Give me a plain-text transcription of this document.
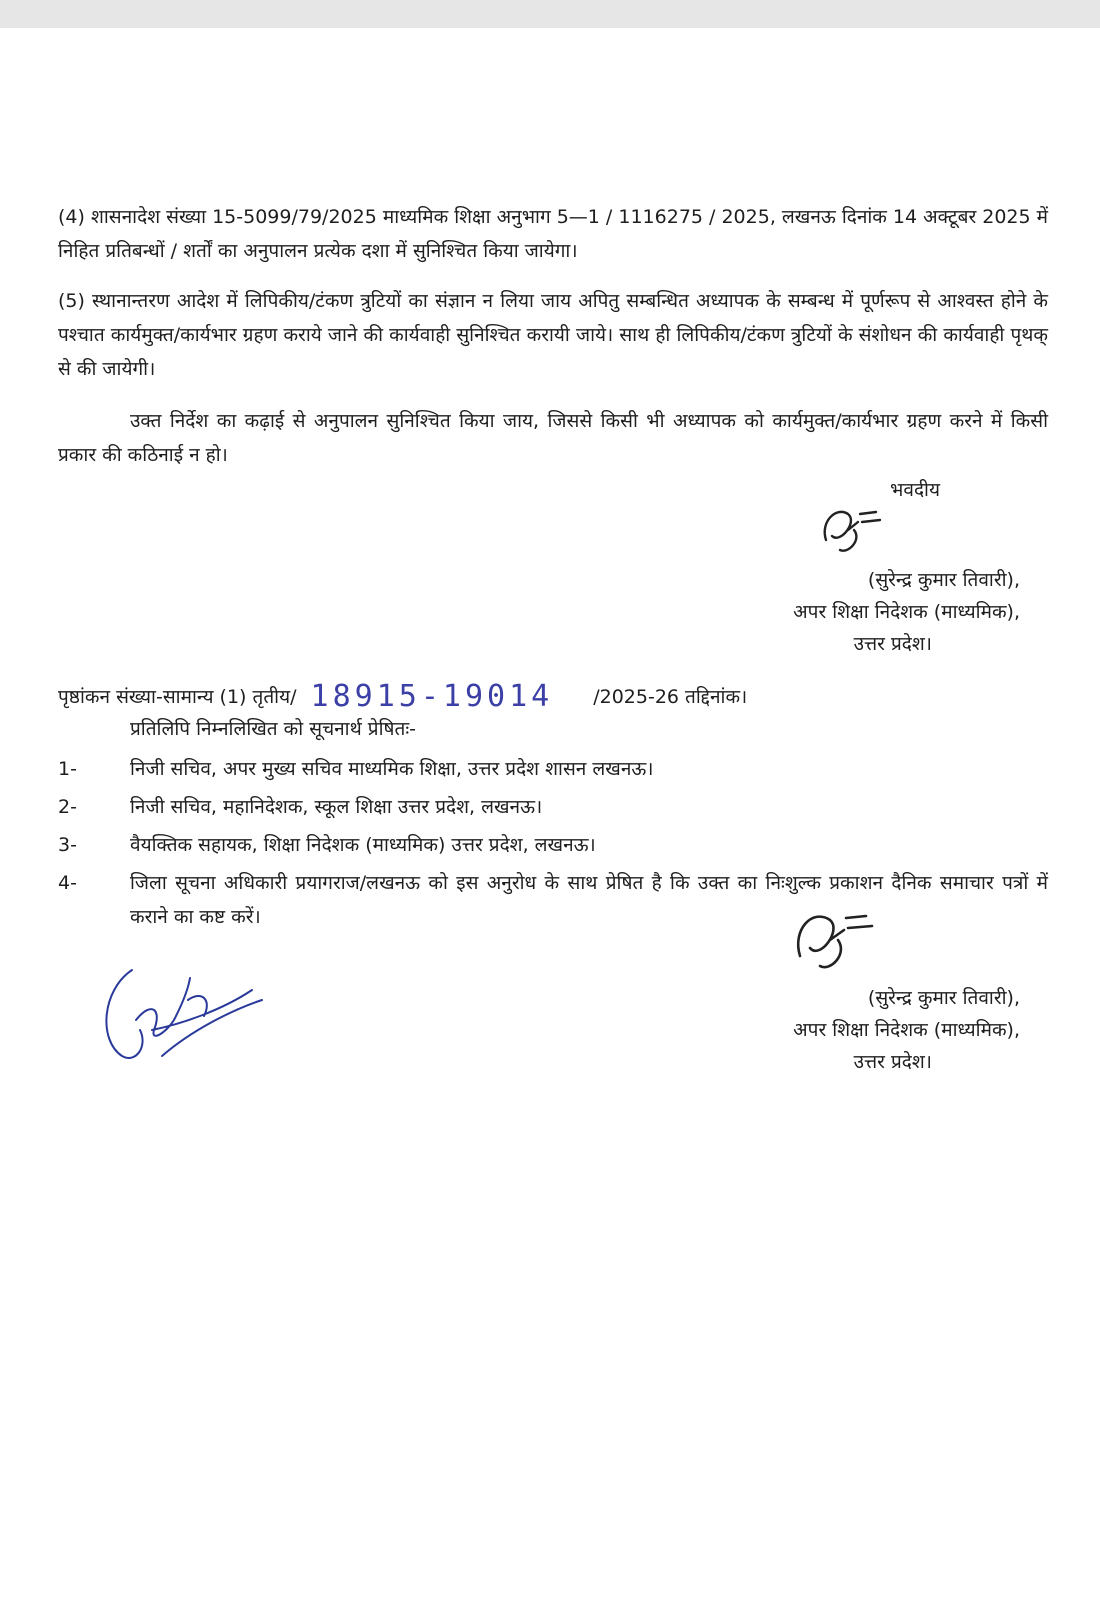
(4) शासनादेश संख्या 15-5099/79/2025 माध्यमिक शिक्षा अनुभाग 5—1 / 1116275 / 2025, लखनऊ दिनांक 14 अक्टूबर 2025 में निहित प्रतिबन्धों / शर्तों का अनुपालन प्रत्येक दशा में सुनिश्चित किया जायेगा।

(5) स्थानान्तरण आदेश में लिपिकीय/टंकण त्रुटियों का संज्ञान न लिया जाय अपितु सम्बन्धित अध्यापक के सम्बन्ध में पूर्णरूप से आश्वस्त होने के पश्चात कार्यमुक्त/कार्यभार ग्रहण कराये जाने की कार्यवाही सुनिश्चित करायी जाये। साथ ही लिपिकीय/टंकण त्रुटियों के संशोधन की कार्यवाही पृथक् से की जायेगी।

उक्त निर्देश का कढ़ाई से अनुपालन सुनिश्चित किया जाय, जिससे किसी भी अध्यापक को कार्यमुक्त/कार्यभार ग्रहण करने में किसी प्रकार की कठिनाई न हो।

भवदीय
(सुरेन्द्र कुमार तिवारी),
अपर शिक्षा निदेशक (माध्यमिक),
उत्तर प्रदेश।
पृष्ठांकन संख्या-सामान्य (1) तृतीय/ 18915-19014 /2025-26 तद्दिनांक।
प्रतिलिपि निम्नलिखित को सूचनार्थ प्रेषितः-
1-	निजी सचिव, अपर मुख्य सचिव माध्यमिक शिक्षा, उत्तर प्रदेश शासन लखनऊ।
2-	निजी सचिव, महानिदेशक, स्कूल शिक्षा उत्तर प्रदेश, लखनऊ।
3-	वैयक्तिक सहायक, शिक्षा निदेशक (माध्यमिक) उत्तर प्रदेश, लखनऊ।
4-	जिला सूचना अधिकारी प्रयागराज/लखनऊ को इस अनुरोध के साथ प्रेषित है कि उक्त का निःशुल्क प्रकाशन दैनिक समाचार पत्रों में कराने का कष्ट करें।
(सुरेन्द्र कुमार तिवारी),
अपर शिक्षा निदेशक (माध्यमिक),
उत्तर प्रदेश।
